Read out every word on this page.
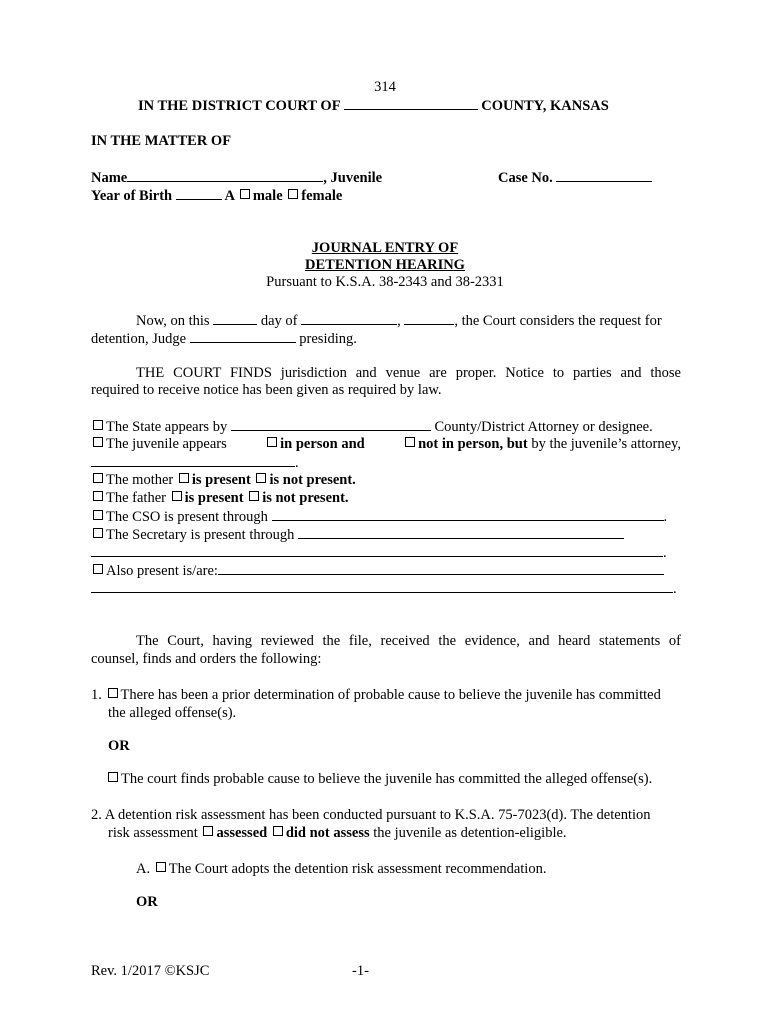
314
IN THE DISTRICT COURT OF	COUNTY, KANSAS
IN THE MATTER OF
Name	, Juvenile	Case No.
Year of Birth	A male female
JOURNAL ENTRY OF
DETENTION HEARING
Pursuant to K.S.A. 38-2343 and 38-2331
Now, on this	day of	,	, the Court considers the request for
detention, Judge	presiding.
THE COURT FINDS jurisdiction and venue are proper. Notice to parties and those
required to receive notice has been given as required by law.
The State appears by	County/District Attorney or designee.
The juvenile appears	in person and	not in person, but by the juvenile’s attorney,
.
The mother is present is not present.
The father is present is not present.
The CSO is present through	.
The Secretary is present through
.
Also present is/are:
.
The Court, having reviewed the file, received the evidence, and heard statements of
counsel, finds and orders the following:
1. There has been a prior determination of probable cause to believe the juvenile has committed
the alleged offense(s).
OR
The court finds probable cause to believe the juvenile has committed the alleged offense(s).
2. A detention risk assessment has been conducted pursuant to K.S.A. 75-7023(d). The detention
risk assessment assessed did not assess the juvenile as detention-eligible.
A. The Court adopts the detention risk assessment recommendation.
OR
Rev. 1/2017 ©KSJC	-1-
